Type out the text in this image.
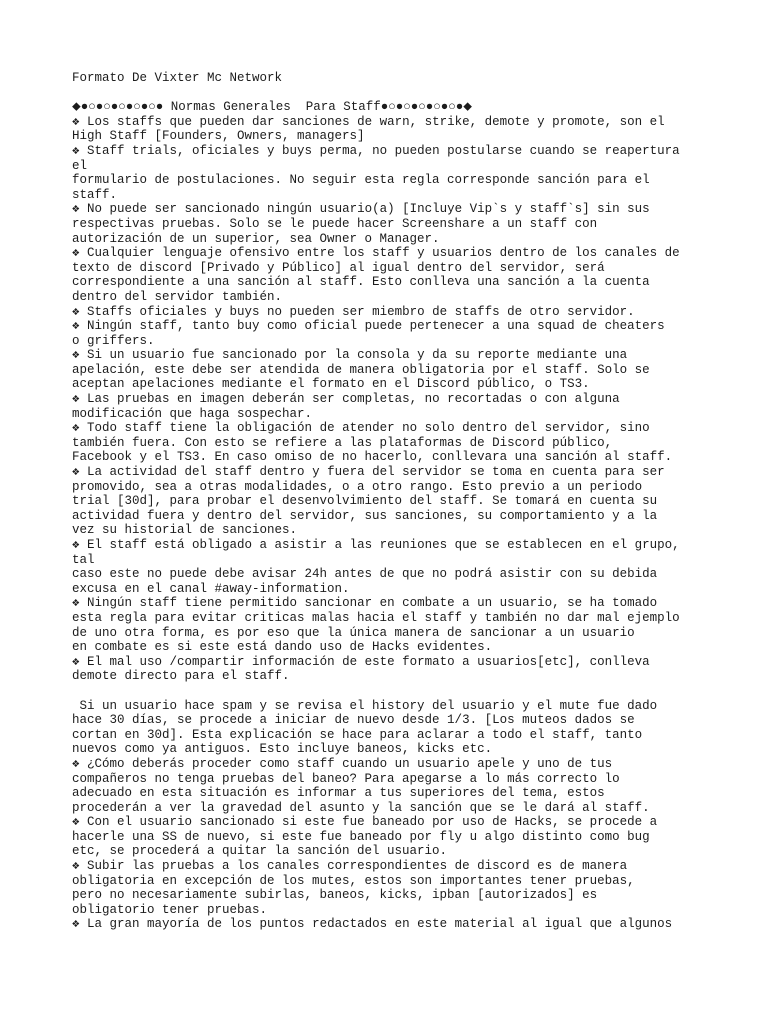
Formato De Vixter Mc Network
⬥●○●○●○●○●○● Normas Generales  Para Staff●○●○●○●○●○●⬥
❖ Los staffs que pueden dar sanciones de warn, strike, demote y promote, son el
High Staff [Founders, Owners, managers]
❖ Staff trials, oficiales y buys perma, no pueden postularse cuando se reapertura
el
formulario de postulaciones. No seguir esta regla corresponde sanción para el
staff.
❖ No puede ser sancionado ningún usuario(a) [Incluye Vip`s y staff`s] sin sus
respectivas pruebas. Solo se le puede hacer Screenshare a un staff con
autorización de un superior, sea Owner o Manager.
❖ Cualquier lenguaje ofensivo entre los staff y usuarios dentro de los canales de
texto de discord [Privado y Público] al igual dentro del servidor, será
correspondiente a una sanción al staff. Esto conlleva una sanción a la cuenta
dentro del servidor también.
❖ Staffs oficiales y buys no pueden ser miembro de staffs de otro servidor.
❖ Ningún staff, tanto buy como oficial puede pertenecer a una squad de cheaters
o griffers.
❖ Si un usuario fue sancionado por la consola y da su reporte mediante una
apelación, este debe ser atendida de manera obligatoria por el staff. Solo se
aceptan apelaciones mediante el formato en el Discord público, o TS3.
❖ Las pruebas en imagen deberán ser completas, no recortadas o con alguna
modificación que haga sospechar.
❖ Todo staff tiene la obligación de atender no solo dentro del servidor, sino
también fuera. Con esto se refiere a las plataformas de Discord público,
Facebook y el TS3. En caso omiso de no hacerlo, conllevara una sanción al staff.
❖ La actividad del staff dentro y fuera del servidor se toma en cuenta para ser
promovido, sea a otras modalidades, o a otro rango. Esto previo a un periodo
trial [30d], para probar el desenvolvimiento del staff. Se tomará en cuenta su
actividad fuera y dentro del servidor, sus sanciones, su comportamiento y a la
vez su historial de sanciones.
❖ El staff está obligado a asistir a las reuniones que se establecen en el grupo,
tal
caso este no puede debe avisar 24h antes de que no podrá asistir con su debida
excusa en el canal #away-information.
❖ Ningún staff tiene permitido sancionar en combate a un usuario, se ha tomado
esta regla para evitar criticas malas hacia el staff y también no dar mal ejemplo
de uno otra forma, es por eso que la única manera de sancionar a un usuario
en combate es si este está dando uso de Hacks evidentes.
❖ El mal uso /compartir información de este formato a usuarios[etc], conlleva
demote directo para el staff.
Si un usuario hace spam y se revisa el history del usuario y el mute fue dado
hace 30 días, se procede a iniciar de nuevo desde 1/3. [Los muteos dados se
cortan en 30d]. Esta explicación se hace para aclarar a todo el staff, tanto
nuevos como ya antiguos. Esto incluye baneos, kicks etc.
❖ ¿Cómo deberás proceder como staff cuando un usuario apele y uno de tus
compañeros no tenga pruebas del baneo? Para apegarse a lo más correcto lo
adecuado en esta situación es informar a tus superiores del tema, estos
procederán a ver la gravedad del asunto y la sanción que se le dará al staff.
❖ Con el usuario sancionado si este fue baneado por uso de Hacks, se procede a
hacerle una SS de nuevo, si este fue baneado por fly u algo distinto como bug
etc, se procederá a quitar la sanción del usuario.
❖ Subir las pruebas a los canales correspondientes de discord es de manera
obligatoria en excepción de los mutes, estos son importantes tener pruebas,
pero no necesariamente subirlas, baneos, kicks, ipban [autorizados] es
obligatorio tener pruebas.
❖ La gran mayoría de los puntos redactados en este material al igual que algunos
